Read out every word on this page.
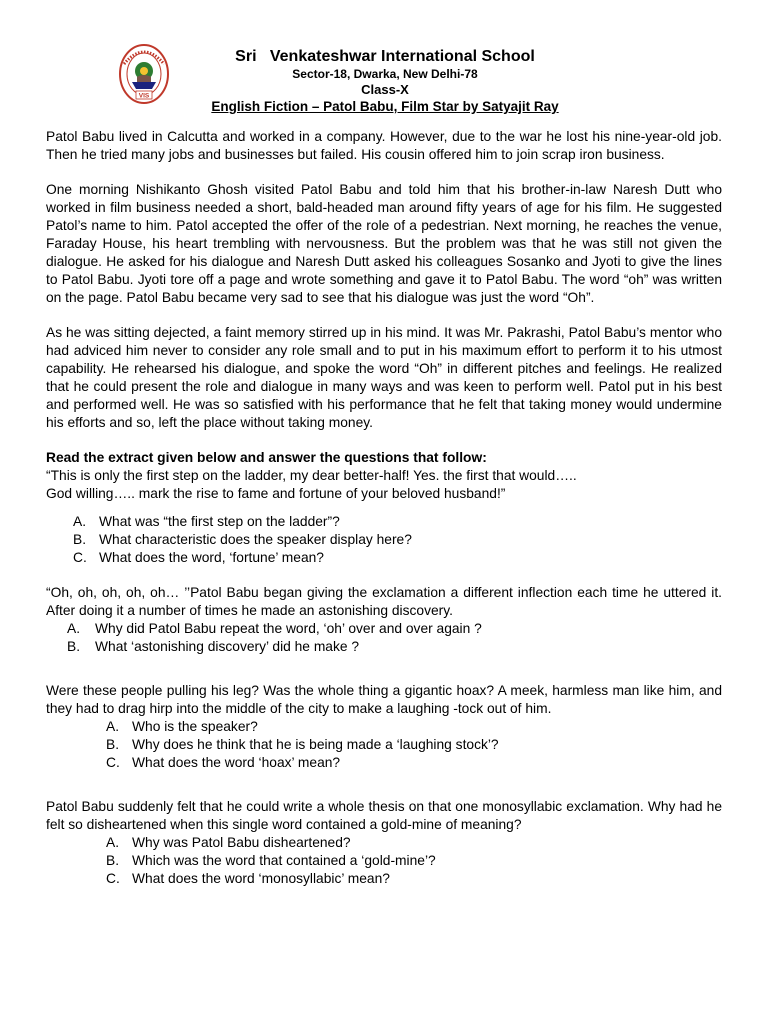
VIS
Sri   Venkateshwar International School
Sector-18, Dwarka, New Delhi-78
Class-X
English Fiction – Patol Babu, Film Star by Satyajit Ray

Patol Babu lived in Calcutta and worked in a company. However, due to the war he lost his nine-year-old job. Then he tried many jobs and businesses but failed. His cousin offered him to join scrap iron business.

One morning Nishikanto Ghosh visited Patol Babu and told him that his brother-in-law Naresh Dutt who worked in film business needed a short, bald-headed man around fifty years of age for his film. He suggested Patol’s name to him. Patol accepted the offer of the role of a pedestrian. Next morning, he reaches the venue, Faraday House, his heart trembling with nervousness. But the problem was that he was still not given the dialogue. He asked for his dialogue and Naresh Dutt asked his colleagues Sosanko and Jyoti to give the lines to Patol Babu. Jyoti tore off a page and wrote something and gave it to Patol Babu. The word “oh” was written on the page. Patol Babu became very sad to see that his dialogue was just the word “Oh”.

As he was sitting dejected, a faint memory stirred up in his mind. It was Mr. Pakrashi, Patol Babu’s mentor who had adviced him never to consider any role small and to put in his maximum effort to perform it to his utmost capability. He rehearsed his dialogue, and spoke the word “Oh” in different pitches and feelings. He realized that he could present the role and dialogue in many ways and was keen to perform well. Patol put in his best and performed well. He was so satisfied with his performance that he felt that taking money would undermine his efforts and so, left the place without taking money.

Read the extract given below and answer the questions that follow:

“This is only the first step on the ladder, my dear better-half! Yes. the first that would…..
God willing….. mark the rise to fame and fortune of your beloved husband!”
A. What was “the first step on the ladder”?
B. What characteristic does the speaker display here?
C. What does the word, ‘fortune’ mean?

“Oh, oh, oh, oh, oh… ’’Patol Babu began giving the exclamation a different inflection each time he uttered it. After doing it a number of times he made an astonishing discovery.

A.	Why did Patol Babu repeat the word, ‘oh’ over and over again ?
B.	What ‘astonishing discovery’ did he make ?

Were these people pulling his leg? Was the whole thing a gigantic hoax? A meek, harmless man like him, and they had to drag hirp into the middle of the city to make a laughing -tock out of him.

A. Who is the speaker?
B. Why does he think that he is being made a ‘laughing stock’?
C. What does the word ‘hoax’ mean?

Patol Babu suddenly felt that he could write a whole thesis on that one monosyllabic exclamation. Why had he felt so disheartened when this single word contained a gold-mine of meaning?

A. Why was Patol Babu disheartened?
B. Which was the word that contained a ‘gold-mine’?
C. What does the word ‘monosyllabic’ mean?
